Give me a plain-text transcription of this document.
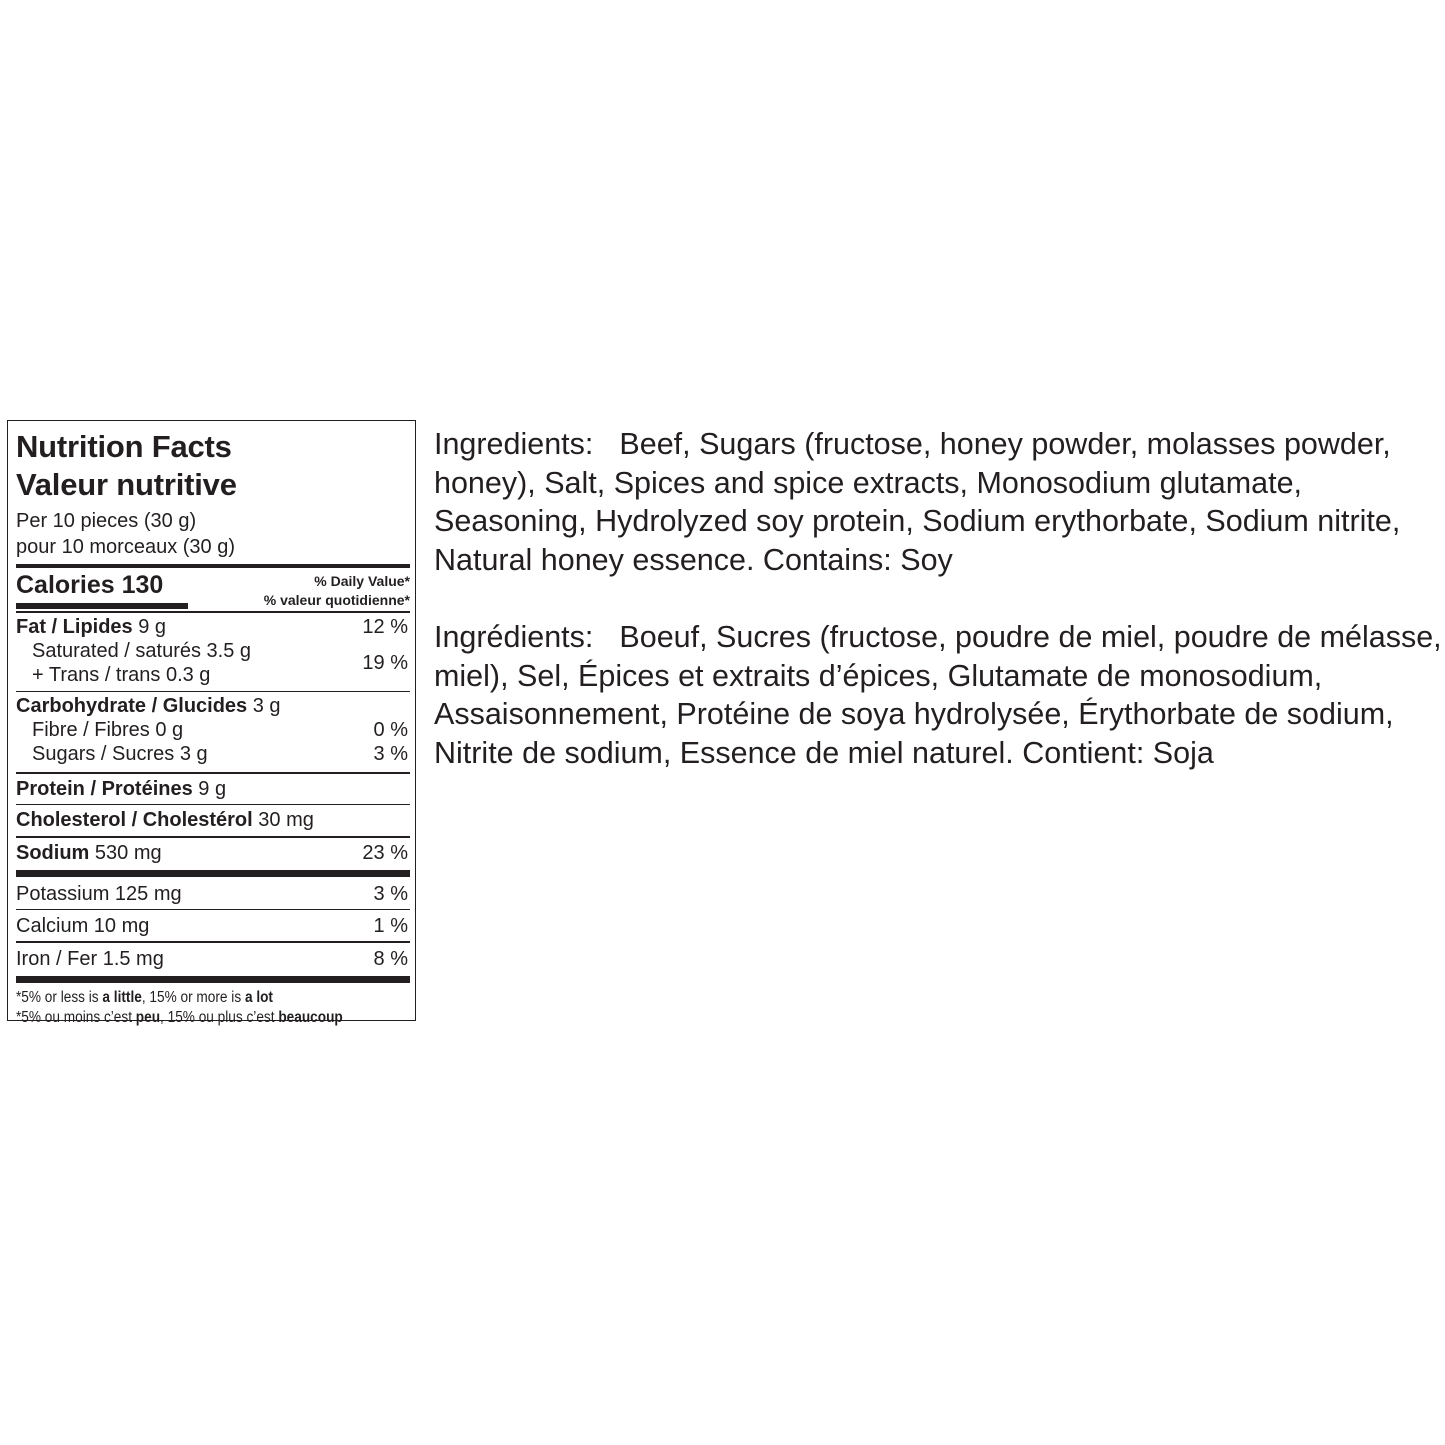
Nutrition Facts
Valeur nutritive
Per 10 pieces (30 g)
pour 10 morceaux (30 g)
Calories 130	% Daily Value*
% valeur quotidienne*
Fat / Lipides 9 g	12 %
Saturated / saturés 3.5 g
+ Trans / trans 0.3 g
19 %
Carbohydrate / Glucides 3 g
Fibre / Fibres 0 g	0 %
Sugars / Sucres 3 g	3 %
Protein / Protéines 9 g
Cholesterol / Cholestérol 30 mg
Sodium 530 mg	23 %
Potassium 125 mg	3 %
Calcium 10 mg	1 %
Iron / Fer 1.5 mg	8 %
*5% or less is a little, 15% or more is a lot
*5% ou moins c’est peu, 15% ou plus c’est beaucoup
Ingredients: Beef, Sugars (fructose, honey powder, molasses powder, honey), Salt, Spices and spice extracts, Monosodium glutamate, Seasoning, Hydrolyzed soy protein, Sodium erythorbate, Sodium nitrite, Natural honey essence. Contains: Soy
Ingrédients: Boeuf, Sucres (fructose, poudre de miel, poudre de mélasse, miel), Sel, Épices et extraits d’épices, Glutamate de monosodium, Assaisonnement, Protéine de soya hydrolysée, Érythorbate de sodium, Nitrite de sodium, Essence de miel naturel. Contient: Soja
